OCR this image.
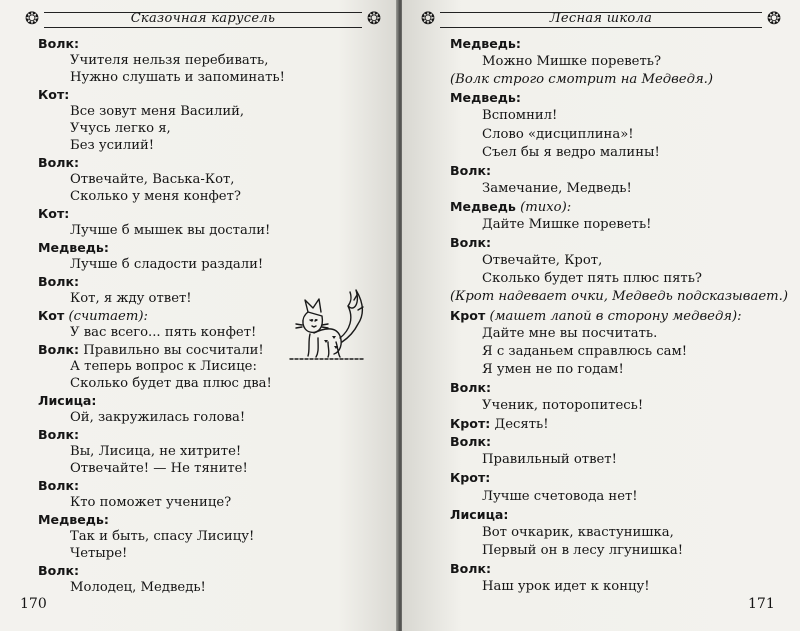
❂	❂
Сказочная карусель
Волк:
Учителя нельзя перебивать,
Нужно слушать и запоминать!
Кот:
Все зовут меня Василий,
Учусь легко я,
Без усилий!
Волк:
Отвечайте, Васька-Кот,
Сколько у меня конфет?
Кот:
Лучше б мышек вы достали!
Медведь:
Лучше б сладости раздали!
Волк:
Кот, я жду ответ!
Кот (считает):
У вас всего... пять конфет!
Волк: Правильно вы сосчитали!
А теперь вопрос к Лисице:
Сколько будет два плюс два!
Лисица:
Ой, закружилась голова!
Волк:
Вы, Лисица, не хитрите!
Отвечайте! — Не тяните!
Волк:
Кто поможет ученице?
Медведь:
Так и быть, спасу Лисицу!
Четыре!
Волк:
Молодец, Медведь!
170
❂	❂
Лесная школа
Медведь:
Можно Мишке пореветь?
(Волк строго смотрит на Медведя.)
Медведь:
Вспомнил!
Слово «дисциплина»!
Съел бы я ведро малины!
Волк:
Замечание, Медведь!
Медведь (тихо):
Дайте Мишке пореветь!
Волк:
Отвечайте, Крот,
Сколько будет пять плюс пять?
(Крот надевает очки, Медведь подсказывает.)
Крот (машет лапой в сторону медведя):
Дайте мне вы посчитать.
Я с заданьем справлюсь сам!
Я умен не по годам!
Волк:
Ученик, поторопитесь!
Крот: Десять!
Волк:
Правильный ответ!
Крот:
Лучше счетовода нет!
Лисица:
Вот очкарик, квастунишка,
Первый он в лесу лгунишка!
Волк:
Наш урок идет к концу!
171
